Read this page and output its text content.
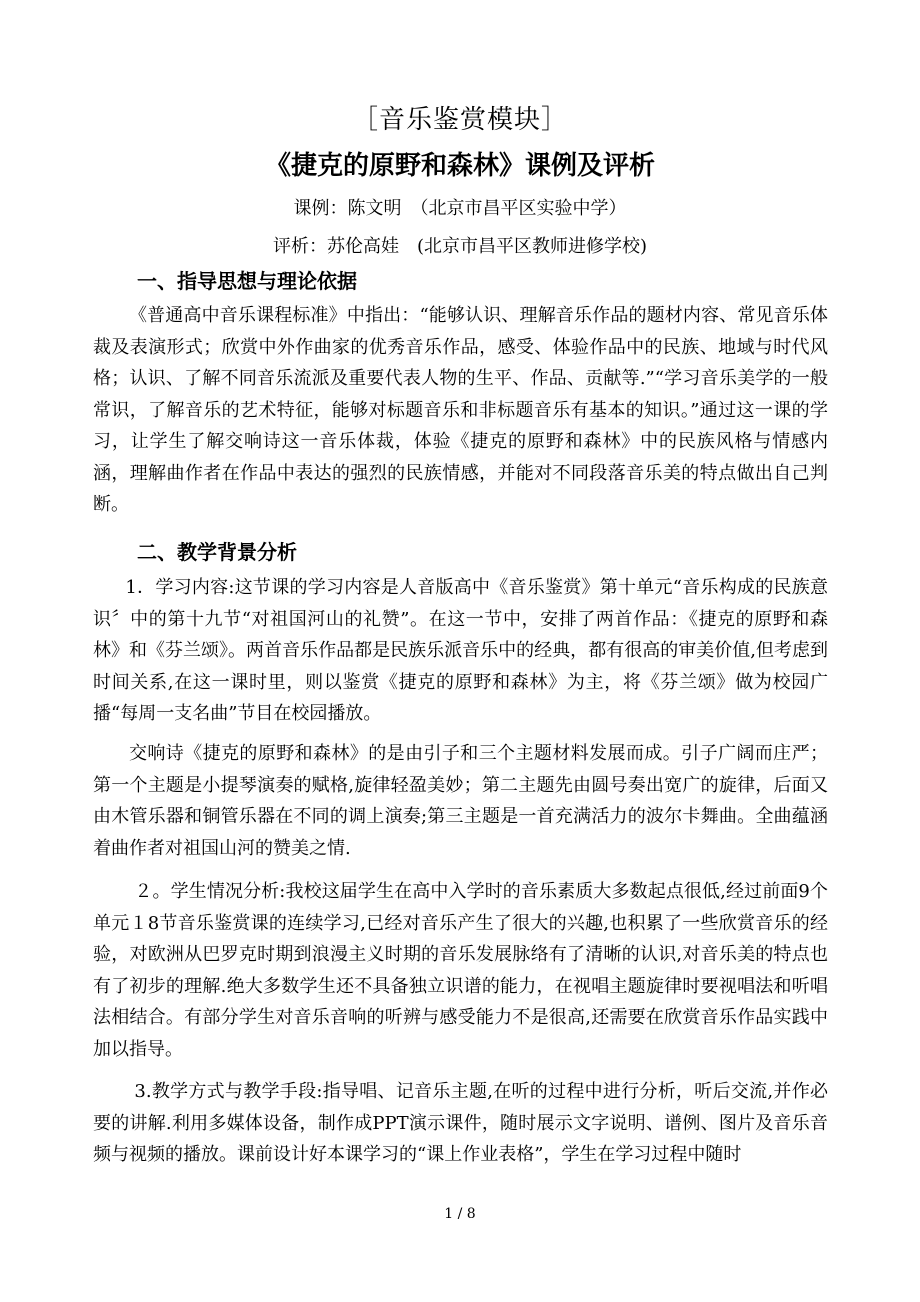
［音乐鉴赏模块］
《捷克的原野和森林》课例及评析
课例：陈文明　（北京市昌平区实验中学）
评析：苏伦高娃　(北京市昌平区教师进修学校)
一、指导思想与理论依据
《普通高中音乐课程标准》中指出：“能够认识、理解音乐作品的题材内容、常见音乐体裁及表演形式；欣赏中外作曲家的优秀音乐作品，感受、体验作品中的民族、地域与时代风格；认识、了解不同音乐流派及重要代表人物的生平、作品、贡献等.”“学习音乐美学的一般常识，了解音乐的艺术特征，能够对标题音乐和非标题音乐有基本的知识。”通过这一课的学习，让学生了解交响诗这一音乐体裁，体验《捷克的原野和森林》中的民族风格与情感内涵，理解曲作者在作品中表达的强烈的民族情感，并能对不同段落音乐美的特点做出自己判断。
二、教学背景分析
1．学习内容:这节课的学习内容是人音版高中《音乐鉴赏》第十单元“音乐构成的民族意识〞中的第十九节“对祖国河山的礼赞”。在这一节中，安排了两首作品：《捷克的原野和森林》和《芬兰颂》。两首音乐作品都是民族乐派音乐中的经典，都有很高的审美价值,但考虑到时间关系,在这一课时里，则以鉴赏《捷克的原野和森林》为主，将《芬兰颂》做为校园广播“每周一支名曲”节目在校园播放。
交响诗《捷克的原野和森林》的是由引子和三个主题材料发展而成。引子广阔而庄严；第一个主题是小提琴演奏的赋格,旋律轻盈美妙；第二主题先由圆号奏出宽广的旋律，后面又由木管乐器和铜管乐器在不同的调上演奏;第三主题是一首充满活力的波尔卡舞曲。全曲蕴涵着曲作者对祖国山河的赞美之情.
２。学生情况分析:我校这届学生在高中入学时的音乐素质大多数起点很低,经过前面9个单元１8节音乐鉴赏课的连续学习,已经对音乐产生了很大的兴趣,也积累了一些欣赏音乐的经验，对欧洲从巴罗克时期到浪漫主义时期的音乐发展脉络有了清晰的认识,对音乐美的特点也有了初步的理解.绝大多数学生还不具备独立识谱的能力，在视唱主题旋律时要视唱法和听唱法相结合。有部分学生对音乐音响的听辨与感受能力不是很高,还需要在欣赏音乐作品实践中加以指导。
3.教学方式与教学手段:指导唱、记音乐主题,在听的过程中进行分析，听后交流,并作必要的讲解.利用多媒体设备，制作成PPT演示课件，随时展示文字说明、谱例、图片及音乐音频与视频的播放。课前设计好本课学习的“课上作业表格”，学生在学习过程中随时
1 / 8
